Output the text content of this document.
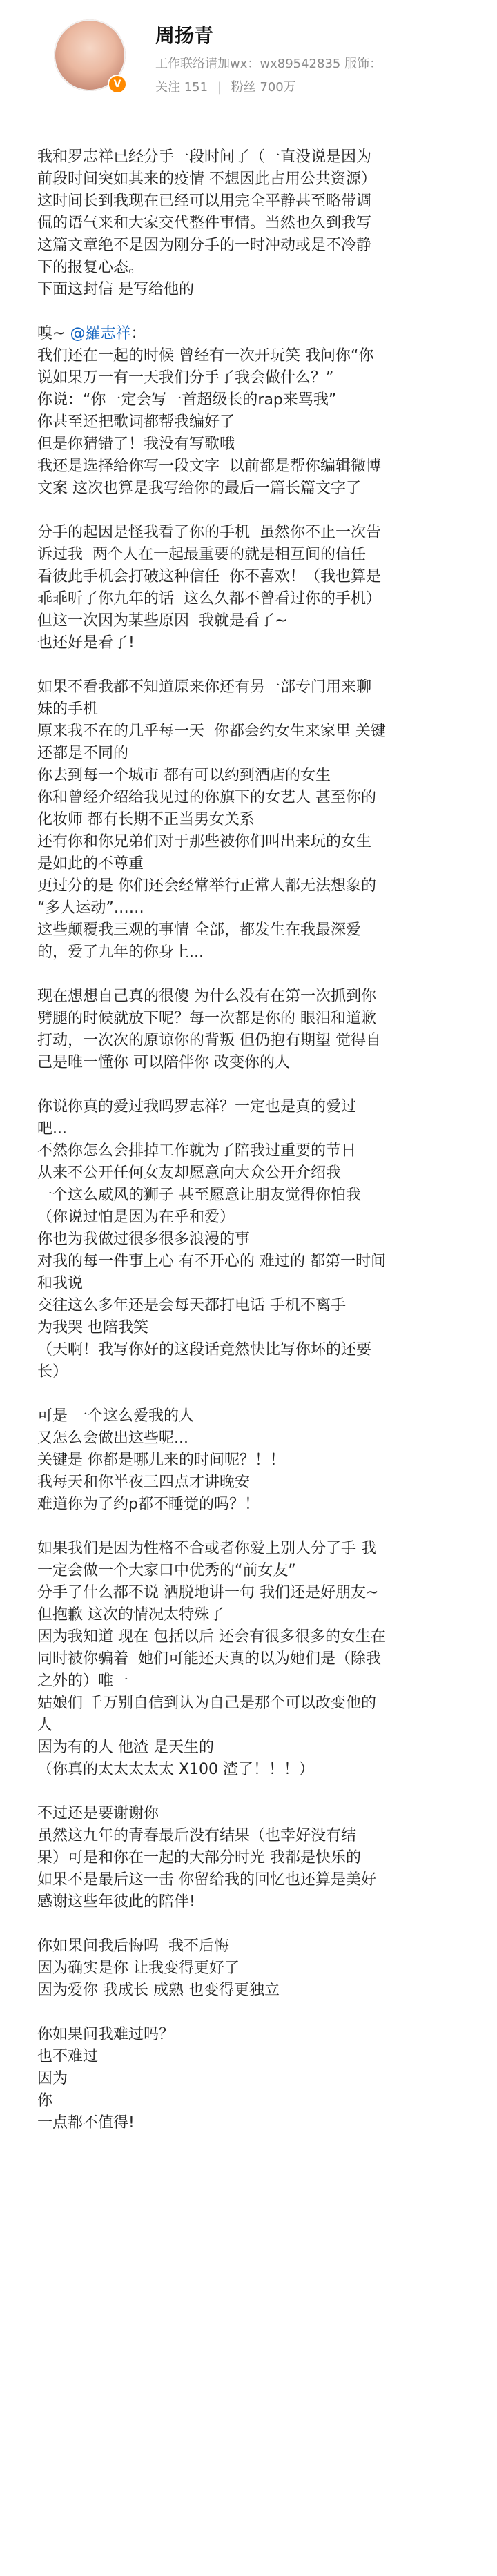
V
周扬青
工作联络请加wx：wx89542835 服饰：
关注 151 | 粉丝 700万
我和罗志祥已经分手一段时间了（一直没说是因为
前段时间突如其来的疫情 不想因此占用公共资源）
这时间长到我现在已经可以用完全平静甚至略带调
侃的语气来和大家交代整件事情。当然也久到我写
这篇文章绝不是因为刚分手的一时冲动或是不冷静
下的报复心态。
下面这封信 是写给他的
嗅~ @羅志祥：
我们还在一起的时候 曾经有一次开玩笑 我问你“你
说如果万一有一天我们分手了我会做什么？”
你说：“你一定会写一首超级长的rap来骂我”
你甚至还把歌词都帮我编好了
但是你猜错了！我没有写歌哦
我还是选择给你写一段文字  以前都是帮你编辑微博
文案 这次也算是我写给你的最后一篇长篇文字了
分手的起因是怪我看了你的手机  虽然你不止一次告
诉过我  两个人在一起最重要的就是相互间的信任
看彼此手机会打破这种信任  你不喜欢！（我也算是
乖乖听了你九年的话  这么久都不曾看过你的手机）
但这一次因为某些原因  我就是看了~
也还好是看了!
如果不看我都不知道原来你还有另一部专门用来聊
妹的手机
原来我不在的几乎每一天  你都会约女生来家里 关键
还都是不同的
你去到每一个城市 都有可以约到酒店的女生
你和曾经介绍给我见过的你旗下的女艺人 甚至你的
化妆师 都有长期不正当男女关系
还有你和你兄弟们对于那些被你们叫出来玩的女生
是如此的不尊重
更过分的是 你们还会经常举行正常人都无法想象的
“多人运动”……
这些颠覆我三观的事情 全部，都发生在我最深爱
的，爱了九年的你身上...
现在想想自己真的很傻 为什么没有在第一次抓到你
劈腿的时候就放下呢？每一次都是你的 眼泪和道歉
打动，一次次的原谅你的背叛 但仍抱有期望 觉得自
己是唯一懂你 可以陪伴你 改变你的人
你说你真的爱过我吗罗志祥？一定也是真的爱过
吧...
不然你怎么会排掉工作就为了陪我过重要的节日
从来不公开任何女友却愿意向大众公开介绍我
一个这么威风的狮子 甚至愿意让朋友觉得你怕我
（你说过怕是因为在乎和爱）
你也为我做过很多很多浪漫的事
对我的每一件事上心 有不开心的 难过的 都第一时间
和我说
交往这么多年还是会每天都打电话 手机不离手
为我哭 也陪我笑
（天啊！我写你好的这段话竟然快比写你坏的还要
长）
可是 一个这么爱我的人
又怎么会做出这些呢...
关键是 你都是哪儿来的时间呢？！！
我每天和你半夜三四点才讲晚安
难道你为了约p都不睡觉的吗？！
如果我们是因为性格不合或者你爱上别人分了手 我
一定会做一个大家口中优秀的“前女友”
分手了什么都不说 洒脱地讲一句 我们还是好朋友~
但抱歉 这次的情况太特殊了
因为我知道 现在 包括以后 还会有很多很多的女生在
同时被你骗着  她们可能还天真的以为她们是（除我
之外的）唯一
姑娘们 千万别自信到认为自己是那个可以改变他的
人
因为有的人 他渣 是天生的
（你真的太太太太太 X100 渣了！！！）
不过还是要谢谢你
虽然这九年的青春最后没有结果（也幸好没有结
果）可是和你在一起的大部分时光 我都是快乐的
如果不是最后这一击 你留给我的回忆也还算是美好
感谢这些年彼此的陪伴!
你如果问我后悔吗  我不后悔
因为确实是你 让我变得更好了
因为爱你 我成长 成熟 也变得更独立
你如果问我难过吗？
也不难过
因为
你
一点都不值得!
